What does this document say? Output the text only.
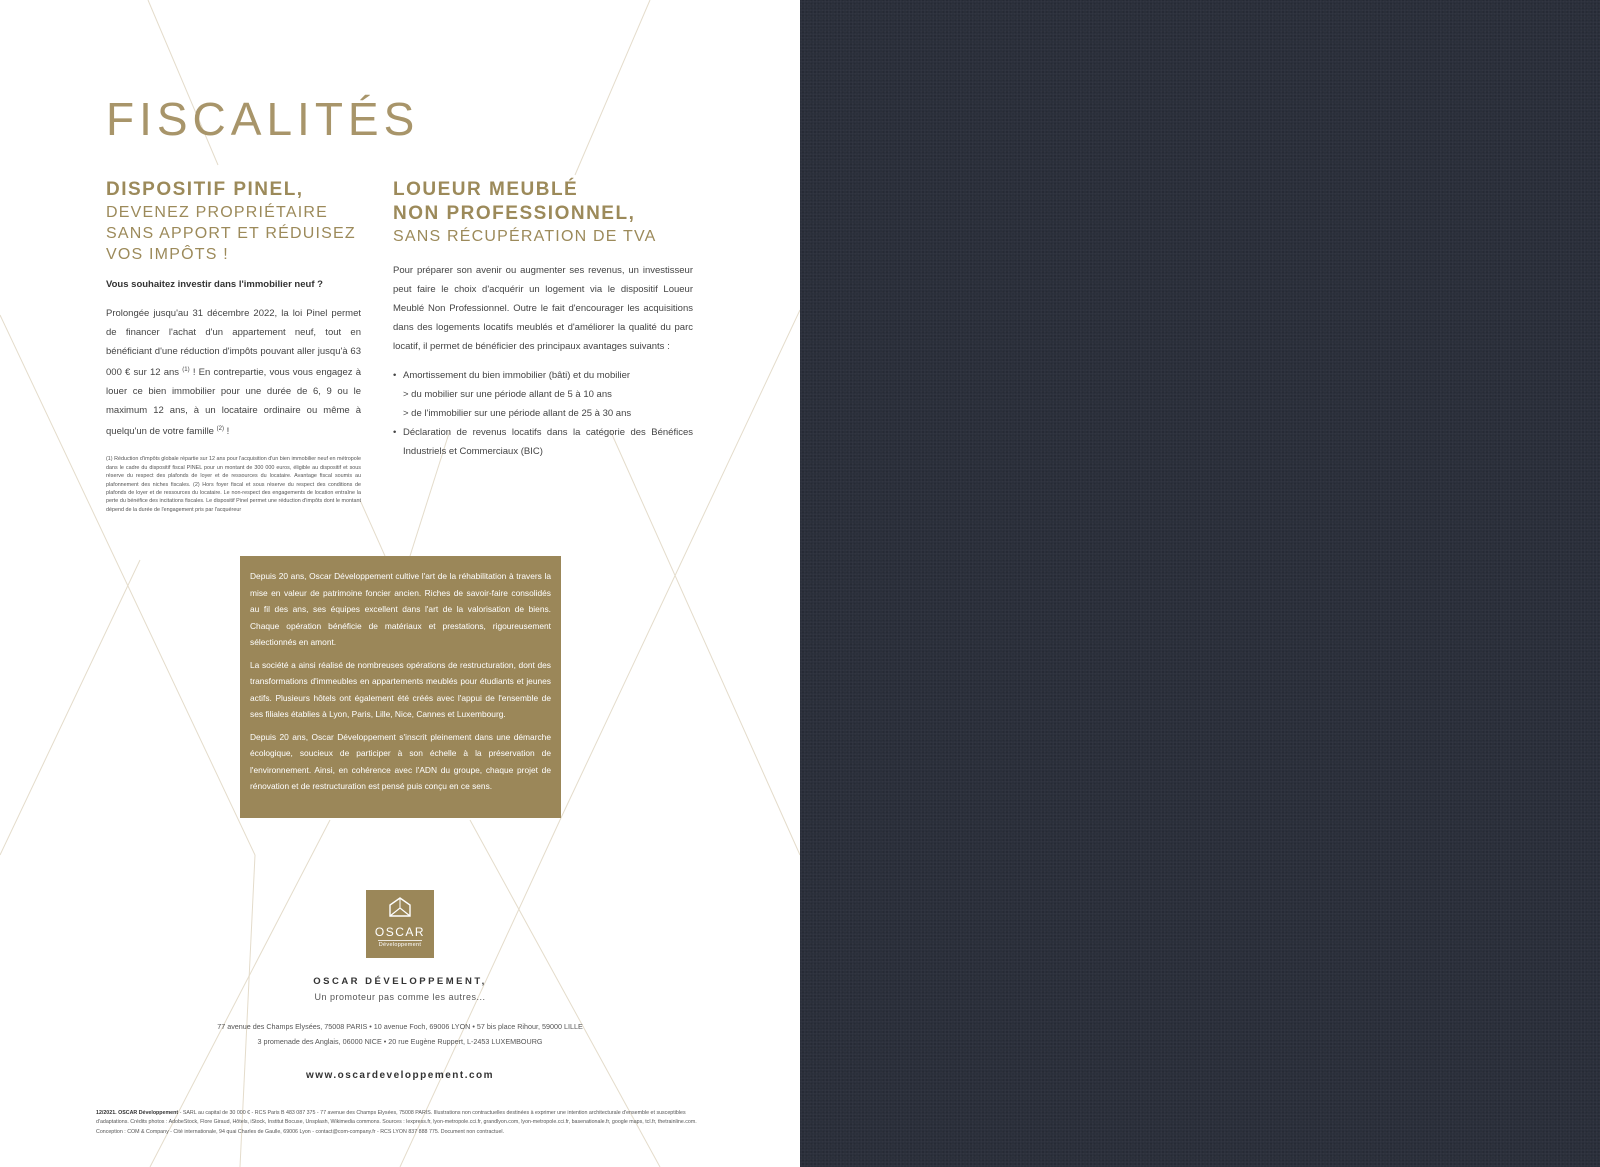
FISCALITÉS
DISPOSITIF PINEL,
DEVENEZ PROPRIÉTAIRE
SANS APPORT ET RÉDUISEZ
VOS IMPÔTS !
Vous souhaitez investir dans l'immobilier neuf ?

Prolongée jusqu'au 31 décembre 2022, la loi Pinel permet de financer l'achat d'un appartement neuf, tout en bénéficiant d'une réduction d'impôts pouvant aller jusqu'à 63 000 € sur 12 ans $^{(1)}$ ! En contrepartie, vous vous engagez à louer ce bien immobilier pour une durée de 6, 9 ou le maximum 12 ans, à un locataire ordinaire ou même à quelqu'un de votre famille $^{(2)}$ !

(1) Réduction d'impôts globale répartie sur 12 ans pour l'acquisition d'un bien immobilier neuf en métropole dans le cadre du dispositif fiscal PINEL pour un montant de 300 000 euros, éligible au dispositif et sous réserve du respect des plafonds de loyer et de ressources du locataire. Avantage fiscal soumis au plafonnement des niches fiscales. (2) Hors foyer fiscal et sous réserve du respect des conditions de plafonds de loyer et de ressources du locataire. Le non-respect des engagements de location entraîne la perte du bénéfice des incitations fiscales. Le dispositif Pinel permet une réduction d'impôts dont le montant dépend de la durée de l'engagement pris par l'acquéreur

LOUEUR MEUBLÉ
NON PROFESSIONNEL,
SANS RÉCUPÉRATION DE TVA

Pour préparer son avenir ou augmenter ses revenus, un investisseur peut faire le choix d'acquérir un logement via le dispositif Loueur Meublé Non Professionnel. Outre le fait d'encourager les acquisitions dans des logements locatifs meublés et d'améliorer la qualité du parc locatif, il permet de bénéficier des principaux avantages suivants :

• Amortissement du bien immobilier (bâti) et du mobilier
> du mobilier sur une période allant de 5 à 10 ans
> de l'immobilier sur une période allant de 25 à 30 ans
• Déclaration de revenus locatifs dans la catégorie des Bénéfices Industriels et Commerciaux (BIC)

Depuis 20 ans, Oscar Développement cultive l'art de la réhabilitation à travers la mise en valeur de patrimoine foncier ancien. Riches de savoir-faire consolidés au fil des ans, ses équipes excellent dans l'art de la valorisation de biens. Chaque opération bénéficie de matériaux et prestations, rigoureusement sélectionnés en amont.

La société a ainsi réalisé de nombreuses opérations de restructuration, dont des transformations d'immeubles en appartements meublés pour étudiants et jeunes actifs. Plusieurs hôtels ont également été créés avec l'appui de l'ensemble de ses filiales établies à Lyon, Paris, Lille, Nice, Cannes et Luxembourg.

Depuis 20 ans, Oscar Développement s'inscrit pleinement dans une démarche écologique, soucieux de participer à son échelle à la préservation de l'environnement. Ainsi, en cohérence avec l'ADN du groupe, chaque projet de rénovation et de restructuration est pensé puis conçu en ce sens.

OSCAR
Développement
OSCAR DÉVELOPPEMENT,
Un promoteur pas comme les autres...
77 avenue des Champs Elysées, 75008 PARIS • 10 avenue Foch, 69006 LYON • 57 bis place Rihour, 59000 LILLE
3 promenade des Anglais, 06000 NICE • 20 rue Eugène Ruppert, L-2453 LUXEMBOURG
www.oscardeveloppement.com
12/2021. OSCAR Développement - SARL au capital de 30 000 € - RCS Paris B 483 087 375 - 77 avenue des Champs Elysées, 75008 PARIS. Illustrations non contractuelles destinées à exprimer une intention architecturale d'ensemble et susceptibles d'adaptations. Crédits photos : AdobeStock, Flore Giraud, Hôtels, iStock, Institut Bocuse, Unsplash, Wikimedia commons. Sources : lexpress.fr, lyon-metropole.cci.fr, grandlyon.com, lyon-metropole.cci.fr, basenationale.fr, google maps, tcl.fr, thetrainline.com. Conception : COM & Company - Cité internationale, 94 quai Charles de Gaulle, 69006 Lyon - contact@com-company.fr - RCS LYON 837 888 775. Document non contractuel.
